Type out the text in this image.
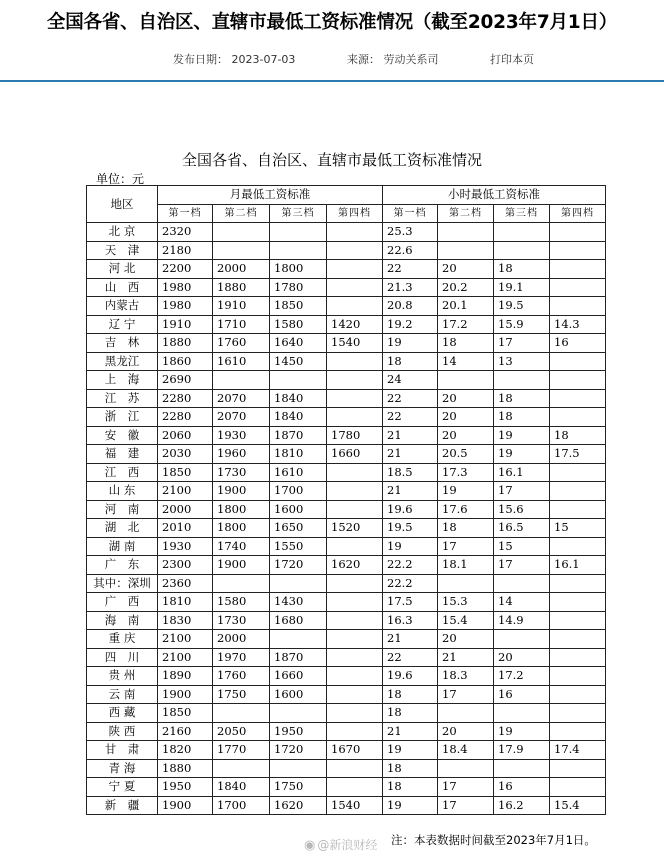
全国各省、自治区、直辖市最低工资标准情况（截至2023年7月1日）
发布日期： 2023-07-03	来源： 劳动关系司	打印本页
全国各省、自治区、直辖市最低工资标准情况
单位：元
地区	月最低工资标准				小时最低工资标准			
	第一档	第二档	第三档	第四档	第一档	第二档	第三档	第四档
北 京	2320				25.3			
天　津	2180				22.6			
河 北	2200	2000	1800		22	20	18	
山　西	1980	1880	1780		21.3	20.2	19.1	
内蒙古	1980	1910	1850		20.8	20.1	19.5	
辽 宁	1910	1710	1580	1420	19.2	17.2	15.9	14.3
吉　林	1880	1760	1640	1540	19	18	17	16
黑龙江	1860	1610	1450		18	14	13	
上　海	2690				24			
江　苏	2280	2070	1840		22	20	18	
浙　江	2280	2070	1840		22	20	18	
安　徽	2060	1930	1870	1780	21	20	19	18
福　建	2030	1960	1810	1660	21	20.5	19	17.5
江　西	1850	1730	1610		18.5	17.3	16.1	
山 东	2100	1900	1700		21	19	17	
河　南	2000	1800	1600		19.6	17.6	15.6	
湖　北	2010	1800	1650	1520	19.5	18	16.5	15
湖 南	1930	1740	1550		19	17	15	
广　东	2300	1900	1720	1620	22.2	18.1	17	16.1
其中：深圳	2360				22.2			
广　西	1810	1580	1430		17.5	15.3	14	
海　南	1830	1730	1680		16.3	15.4	14.9	
重 庆	2100	2000			21	20		
四　川	2100	1970	1870		22	21	20	
贵 州	1890	1760	1660		19.6	18.3	17.2	
云 南	1900	1750	1600		18	17	16	
西 藏	1850				18			
陕 西	2160	2050	1950		21	20	19	
甘　肃	1820	1770	1720	1670	19	18.4	17.9	17.4
青 海	1880				18			
宁 夏	1950	1840	1750		18	17	16	
新　疆	1900	1700	1620	1540	19	17	16.2	15.4
注：本表数据时间截至2023年7月1日。
◉ @新浪财经
